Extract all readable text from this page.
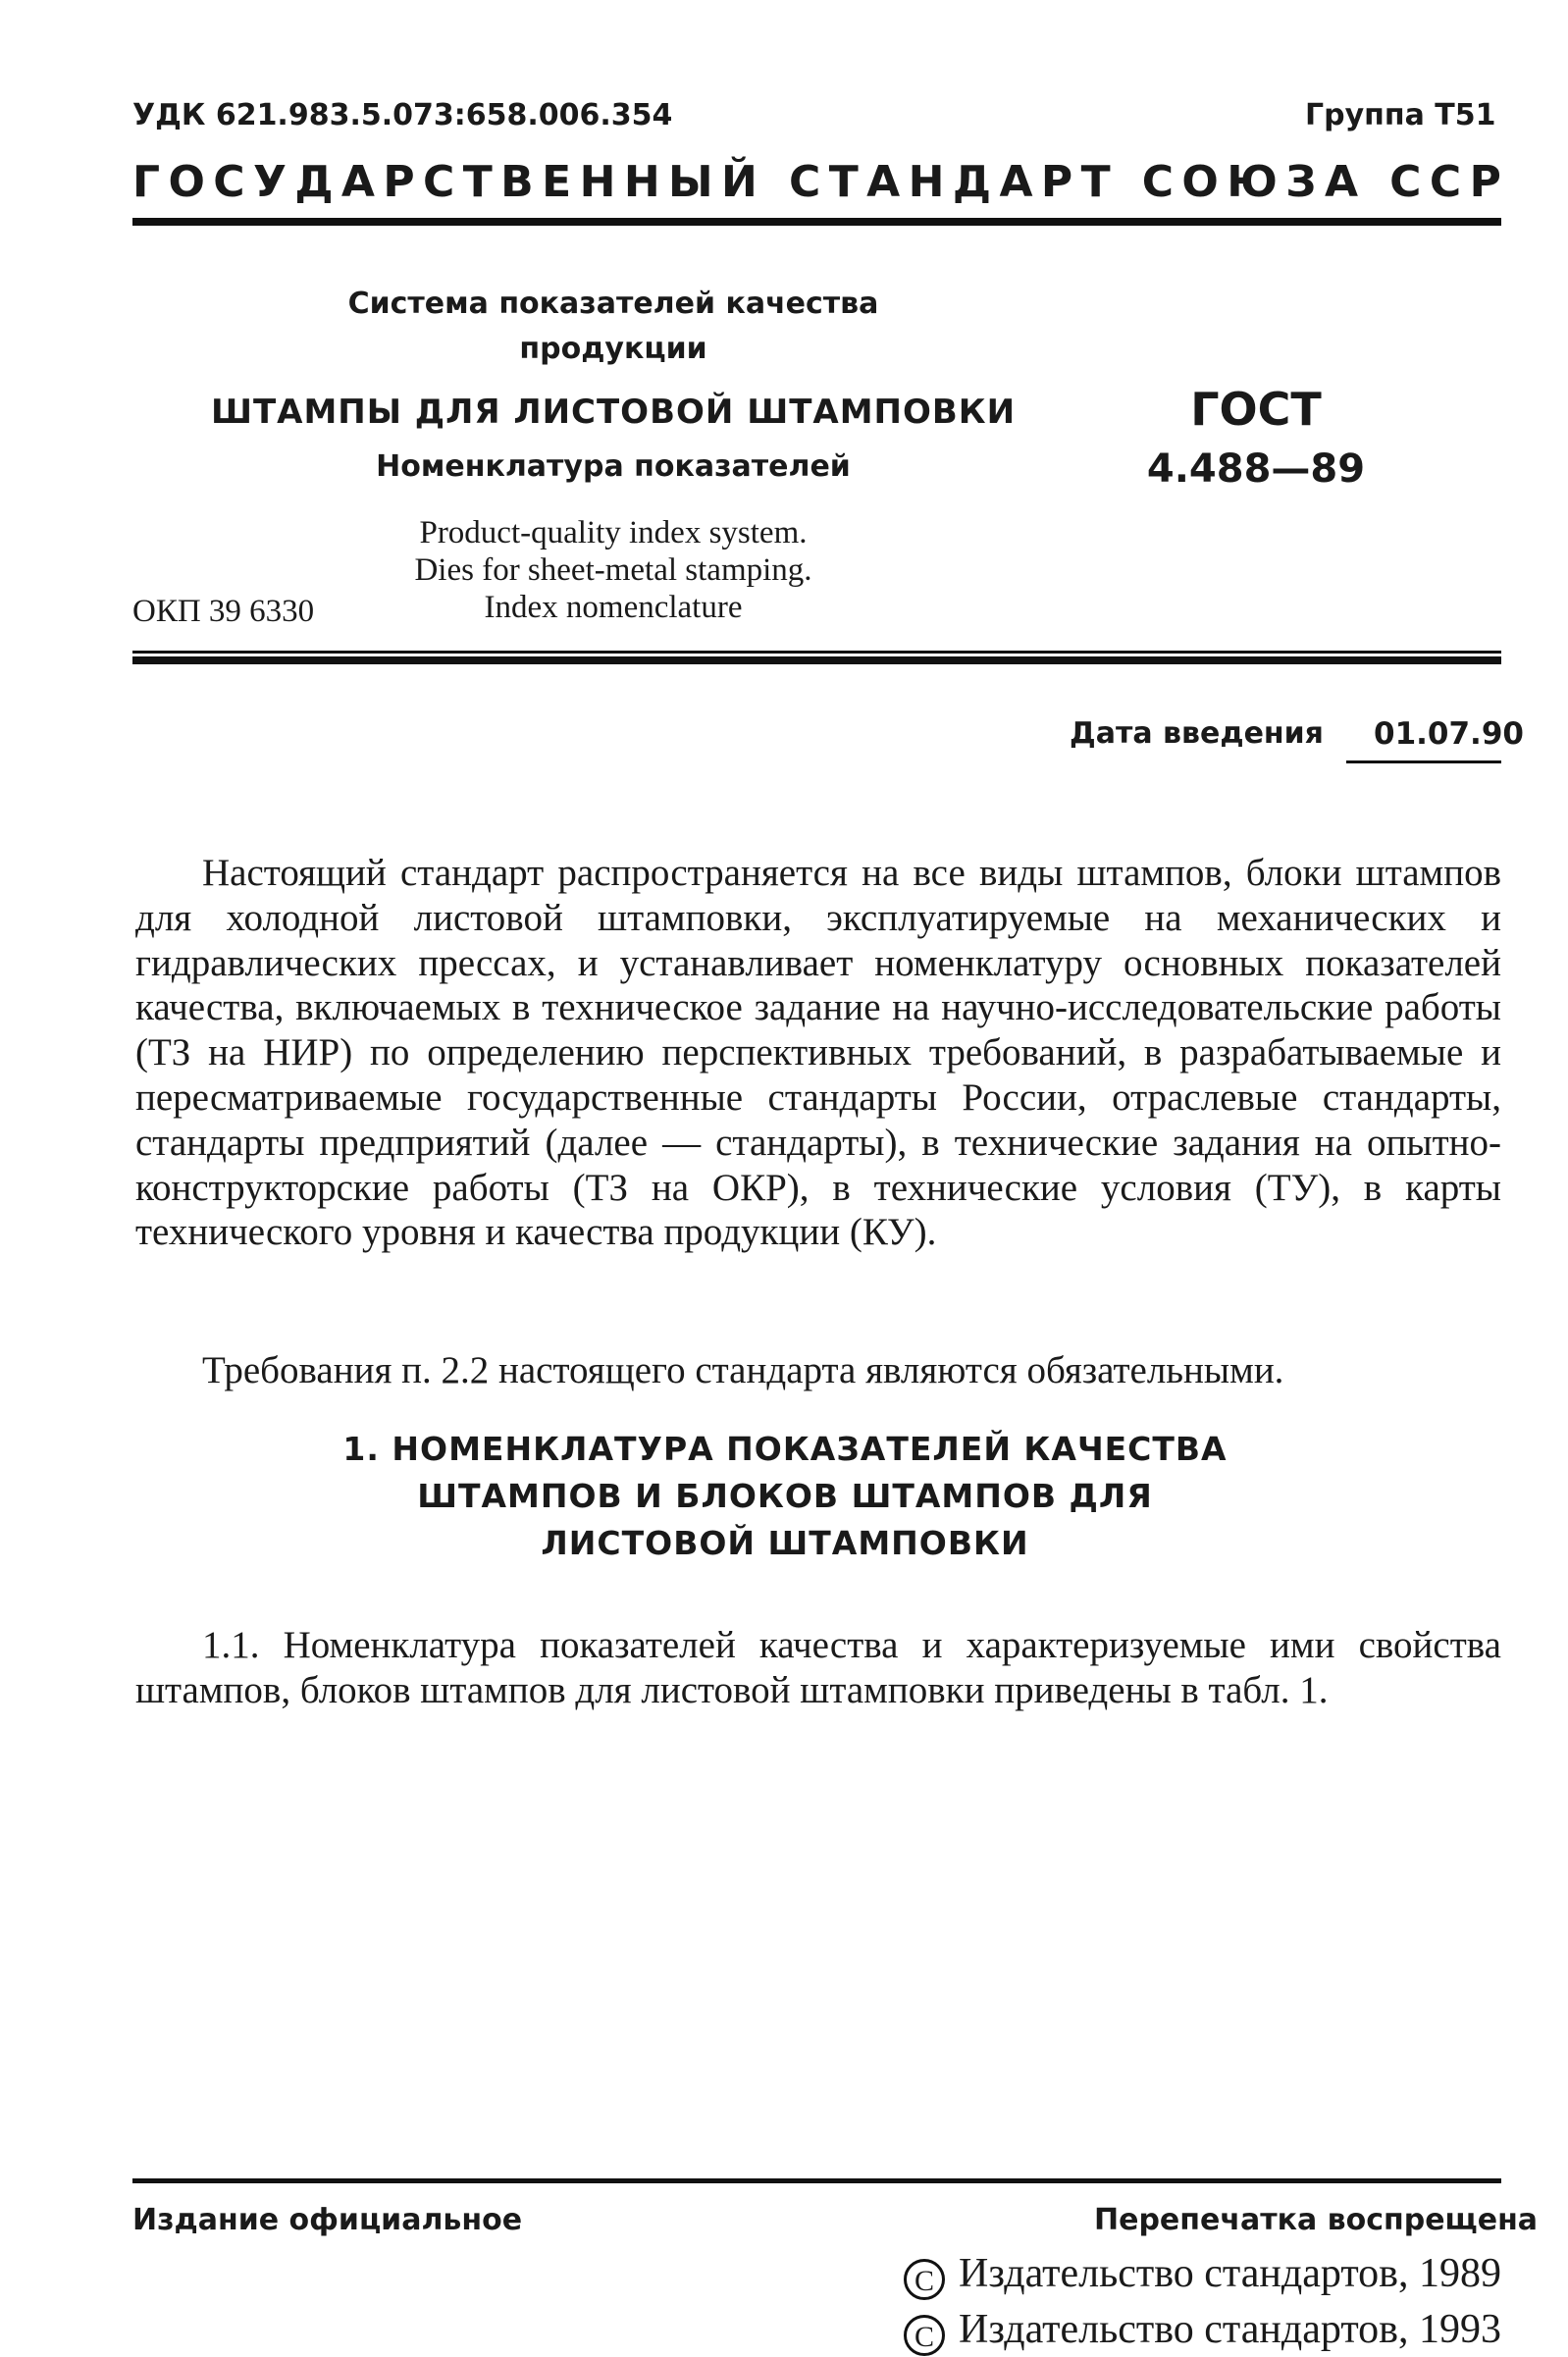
УДК 621.983.5.073:658.006.354	Группа Т51

Г О С У Д А Р С Т В Е Н Н Ы Й
С Т А Н Д А Р Т
С О Ю З А
С С Р

Система показателей качества

продукции

ШТАМПЫ ДЛЯ ЛИСТОВОЙ ШТАМПОВКИ

Номенклатура показателей

Product-quality index system.

Dies for sheet-metal stamping.

Index nomenclature

ОКП 39 6330

ГОСТ

4.488—89

Дата введения 01.07.90

Настоящий стандарт распространяется на все виды штампов, блоки штампов для холодной листовой штамповки, эксплуатируемые на механических и гидравлических прессах, и устанавливает номенклатуру основных показателей качества, включаемых в техническое задание на научно-исследовательские работы (ТЗ на НИР) по определению перспективных требований, в разрабатываемые и пересматриваемые государственные стандарты России, отраслевые стандарты, стандарты предприятий (далее — стандарты), в технические задания на опытно-конструкторские работы (ТЗ на ОКР), в технические условия (ТУ), в карты технического уровня и качества продукции (КУ).

Требования п. 2.2 настоящего стандарта являются обязательными.

1. НОМЕНКЛАТУРА ПОКАЗАТЕЛЕЙ КАЧЕСТВА
ШТАМПОВ И БЛОКОВ ШТАМПОВ ДЛЯ
ЛИСТОВОЙ ШТАМПОВКИ

1.1. Номенклатура показателей качества и характеризуемые ими свойства штампов, блоков штампов для листовой штамповки приведены в табл. 1.

Издание официальное	Перепечатка воспрещена

C Издательство стандартов, 1989
C Издательство стандартов, 1993
